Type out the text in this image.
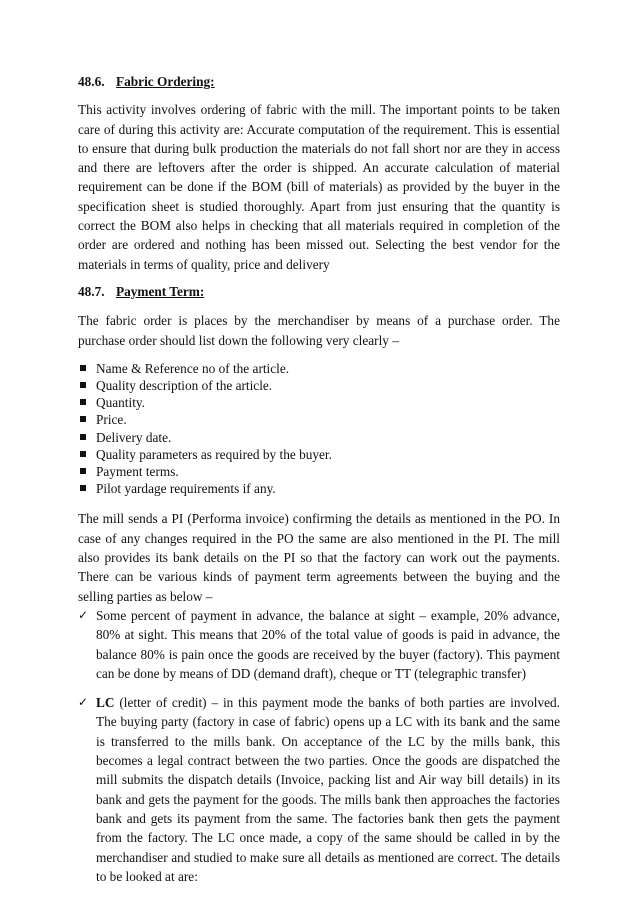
48.6. Fabric Ordering:

This activity involves ordering of fabric with the mill. The important points to be taken care of during this activity are: Accurate computation of the requirement. This is essential to ensure that during bulk production the materials do not fall short nor are they in access and there are leftovers after the order is shipped. An accurate calculation of material requirement can be done if the BOM (bill of materials) as provided by the buyer in the specification sheet is studied thoroughly. Apart from just ensuring that the quantity is correct the BOM also helps in checking that all materials required in completion of the order are ordered and nothing has been missed out. Selecting the best vendor for the materials in terms of quality, price and delivery

48.7. Payment Term:

The fabric order is places by the merchandiser by means of a purchase order. The purchase order should list down the following very clearly –

Name & Reference no of the article.
Quality description of the article.
Quantity.
Price.
Delivery date.
Quality parameters as required by the buyer.
Payment terms.
Pilot yardage requirements if any.

The mill sends a PI (Performa invoice) confirming the details as mentioned in the PO. In case of any changes required in the PO the same are also mentioned in the PI. The mill also provides its bank details on the PI so that the factory can work out the payments. There can be various kinds of payment term agreements between the buying and the selling parties as below –

✓ Some percent of payment in advance, the balance at sight – example, 20% advance, 80% at sight. This means that 20% of the total value of goods is paid in advance, the balance 80% is pain once the goods are received by the buyer (factory). This payment can be done by means of DD (demand draft), cheque or TT (telegraphic transfer)
✓ LC (letter of credit) – in this payment mode the banks of both parties are involved. The buying party (factory in case of fabric) opens up a LC with its bank and the same is transferred to the mills bank. On acceptance of the LC by the mills bank, this becomes a legal contract between the two parties. Once the goods are dispatched the mill submits the dispatch details (Invoice, packing list and Air way bill details) in its bank and gets the payment for the goods. The mills bank then approaches the factories bank and gets its payment from the same. The factories bank then gets the payment from the factory. The LC once made, a copy of the same should be called in by the merchandiser and studied to make sure all details as mentioned are correct. The details to be looked at are:
